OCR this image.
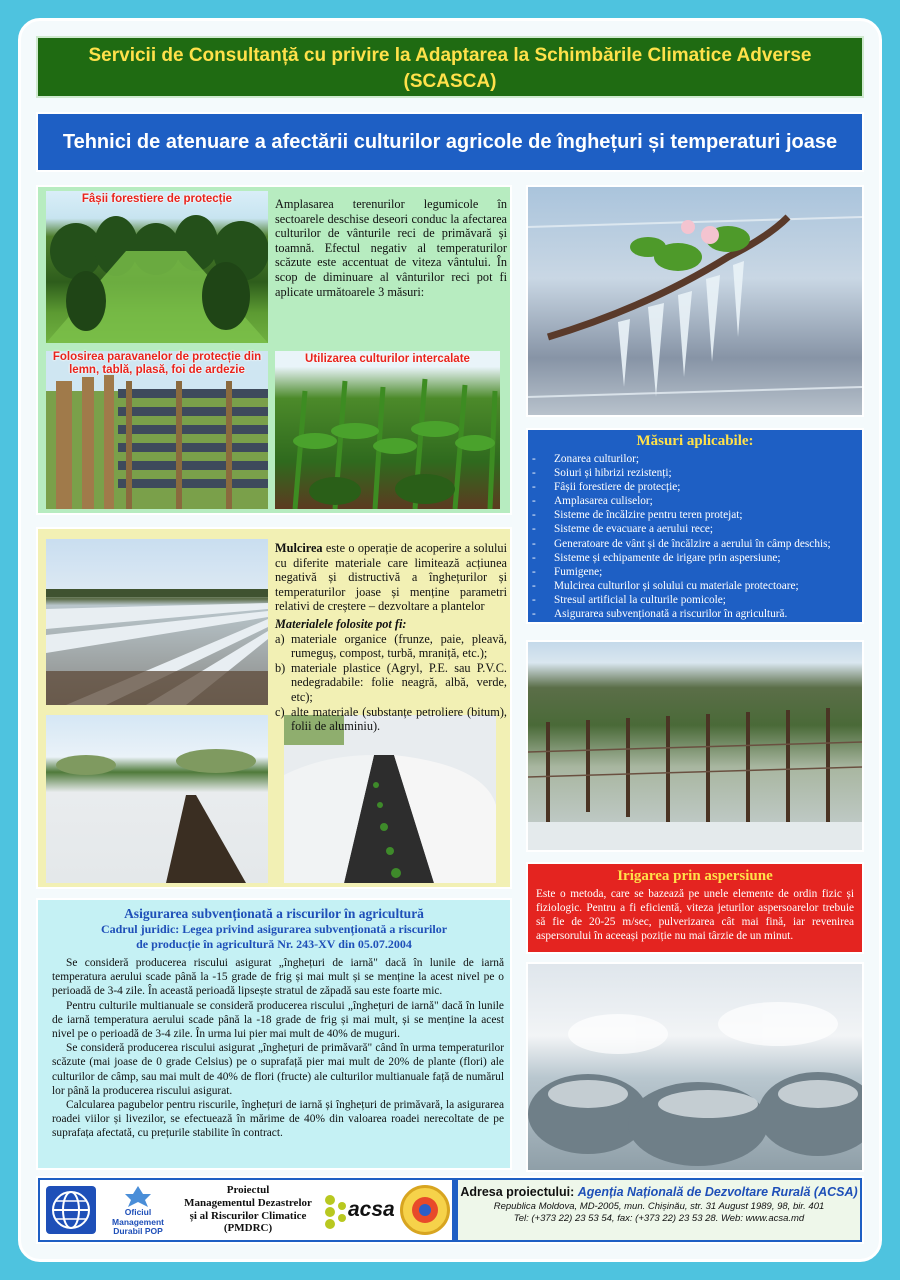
Servicii de Consultanță cu privire la Adaptarea la Schimbările Climatice Adverse
(SCASCA)
Tehnici de atenuare a afectării culturilor agricole de înghețuri și temperaturi joase
Fâșii forestiere de protecție	Amplasarea terenurilor legumicole în sectoarele deschise deseori conduc la afectarea culturilor de vânturile reci de primăvară și toamnă. Efectul negativ al temperaturilor scăzute este accentuat de viteza vântului. În scop de diminuare al vânturilor reci pot fi aplicate următoarele 3 măsuri:
Folosirea paravanelor de protecție din lemn, tablă, plasă, foi de ardezie
Utilizarea culturilor intercalate
Mulcirea este o operație de acoperire a solului cu diferite materiale care limitează acțiunea negativă și distructivă a înghețurilor și temperaturilor joase și menține parametri relativi de creștere – dezvoltare a plantelor
Materialele folosite pot fi:
a) materiale organice (frunze, paie, pleavă, rumeguș, compost, turbă, mraniță, etc.);
b) materiale plastice (Agryl, P.E. sau P.V.C. nedegradabile: folie neagră, albă, verde, etc);
c) alte materiale (substanțe petroliere (bitum), folii de aluminiu).
Asigurarea subvenționată a riscurilor în agricultură
Cadrul juridic: Legea privind asigurarea subvenționată a riscurilor
de producție în agricultură Nr. 243-XV din 05.07.2004

Se consideră producerea riscului asigurat „înghețuri de iarnă" dacă în lunile de iarnă temperatura aerului scade până la -15 grade de frig și mai mult și se menține la acest nivel pe o perioadă de 3-4 zile. În această perioadă lipsește stratul de zăpadă sau este foarte mic.

Pentru culturile multianuale se consideră producerea riscului „înghețuri de iarnă" dacă în lunile de iarnă temperatura aerului scade până la -18 grade de frig și mai mult, și se menține la acest nivel pe o perioadă de 3-4 zile. În urma lui pier mai mult de 40% de muguri.

Se consideră producerea riscului asigurat „înghețuri de primăvară" când în urma temperaturilor scăzute (mai joase de 0 grade Celsius) pe o suprafață pier mai mult de 20% de plante (flori) ale culturilor de câmp, sau mai mult de 40% de flori (fructe) ale culturilor multianuale față de numărul lor până la producerea riscului asigurat.

Calcularea pagubelor pentru riscurile, înghețuri de iarnă și înghețuri de primăvară, la asigurarea roadei viilor și livezilor, se efectuează în mărime de 40% din valoarea roadei nerecoltate de pe suprafața afectată, cu prețurile stabilite în contract.

Măsuri aplicabile:
- Zonarea culturilor;
- Soiuri și hibrizi rezistenți;
- Fâșii forestiere de protecție;
- Amplasarea culiselor;
- Sisteme de încălzire pentru teren protejat;
- Sisteme de evacuare a aerului rece;
- Generatoare de vânt și de încălzire a aerului în câmp deschis;
- Sisteme și echipamente de irigare prin aspersiune;
- Fumigene;
- Mulcirea culturilor și solului cu materiale protectoare;
- Stresul artificial la culturile pomicole;
- Asigurarea subvenționată a riscurilor în agricultură.
Irigarea prin aspersiune
Este o metoda, care se bazează pe unele elemente de ordin fizic și fiziologic. Pentru a fi eficientă, viteza jeturilor aspersoarelor trebuie să fie de 20-25 m/sec, pulverizarea cât mai fină, iar revenirea aspersorului în aceeași poziție nu mai târzie de un minut.
Oficiul
Management
Durabil POP
Proiectul
Managementul Dezastrelor
și al Riscurilor Climatice
(PMDRC)
acsa
Adresa proiectului: Agenția Națională de Dezvoltare Rurală (ACSA)
Republica Moldova, MD-2005, mun. Chișinău, str. 31 August 1989, 98, bir. 401
Tel: (+373 22) 23 53 54, fax: (+373 22) 23 53 28. Web: www.acsa.md
